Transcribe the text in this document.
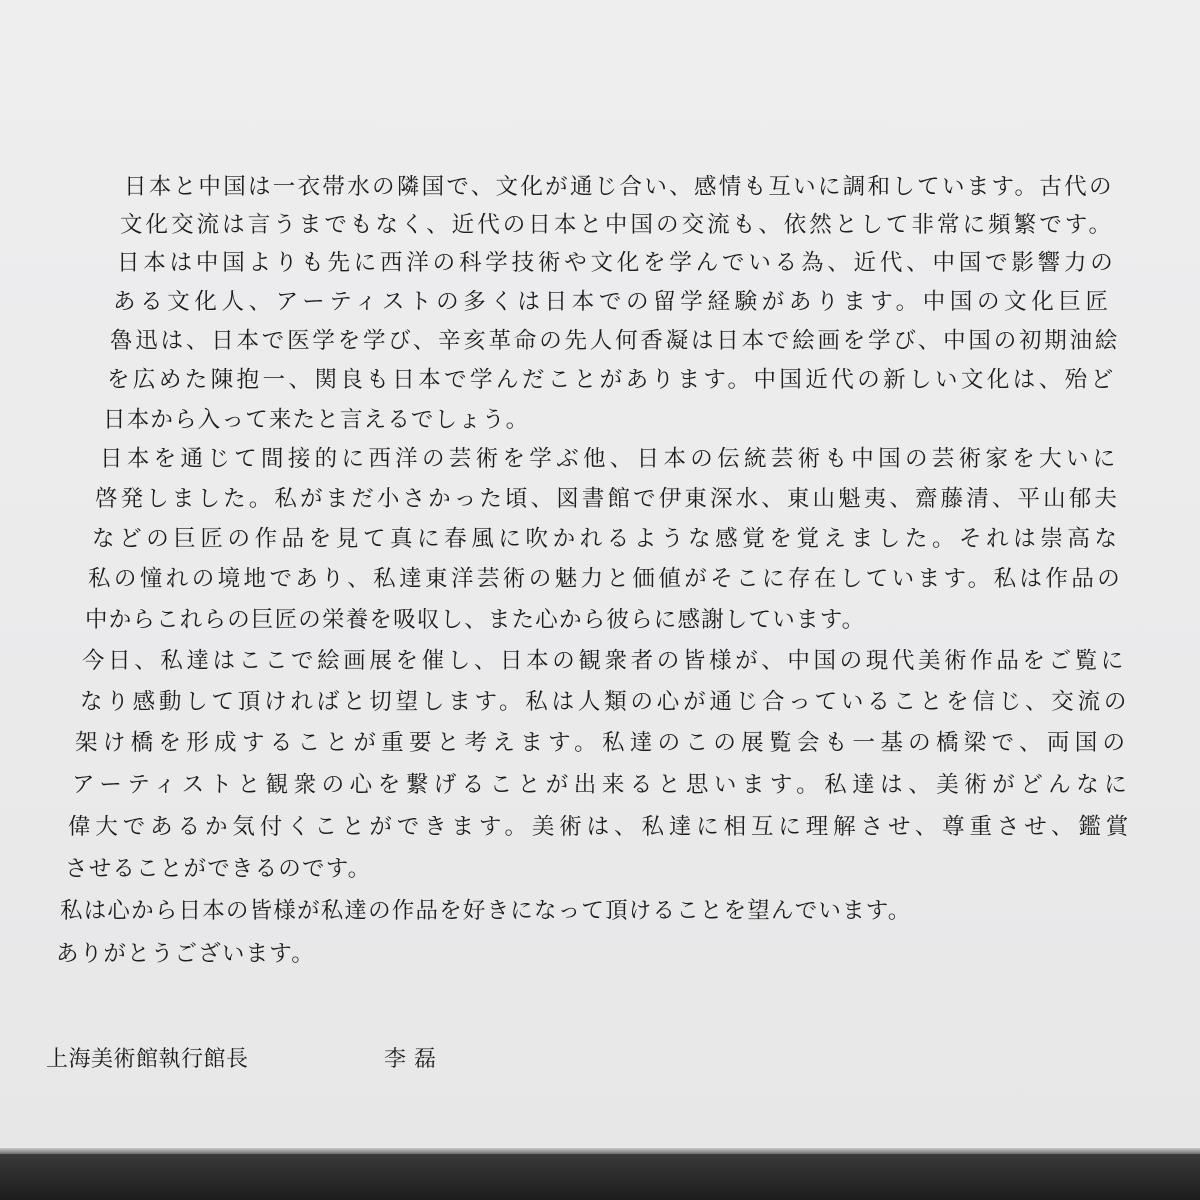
日本と中国は一衣帯水の隣国で、文化が通じ合い、感情も互いに調和しています。古代の
文化交流は言うまでもなく、近代の日本と中国の交流も、依然として非常に頻繁です。
日本は中国よりも先に西洋の科学技術や文化を学んでいる為、近代、中国で影響力の
ある文化人、アーティストの多くは日本での留学経験があります。中国の文化巨匠
魯迅は、日本で医学を学び、辛亥革命の先人何香凝は日本で絵画を学び、中国の初期油絵
を広めた陳抱一、関良も日本で学んだことがあります。中国近代の新しい文化は、殆ど
日本から入って来たと言えるでしょう。
日本を通じて間接的に西洋の芸術を学ぶ他、日本の伝統芸術も中国の芸術家を大いに
啓発しました。私がまだ小さかった頃、図書館で伊東深水、東山魁夷、齋藤清、平山郁夫
などの巨匠の作品を見て真に春風に吹かれるような感覚を覚えました。それは崇高な
私の憧れの境地であり、私達東洋芸術の魅力と価値がそこに存在しています。私は作品の
中からこれらの巨匠の栄養を吸収し、また心から彼らに感謝しています。
今日、私達はここで絵画展を催し、日本の観衆者の皆様が、中国の現代美術作品をご覧に
なり感動して頂ければと切望します。私は人類の心が通じ合っていることを信じ、交流の
架け橋を形成することが重要と考えます。私達のこの展覧会も一基の橋梁で、両国の
アーティストと観衆の心を繋げることが出来ると思います。私達は、美術がどんなに
偉大であるか気付くことができます。美術は、私達に相互に理解させ、尊重させ、鑑賞
させることができるのです。
私は心から日本の皆様が私達の作品を好きになって頂けることを望んでいます。
ありがとうございます。
上海美術館執行館長	李 磊
